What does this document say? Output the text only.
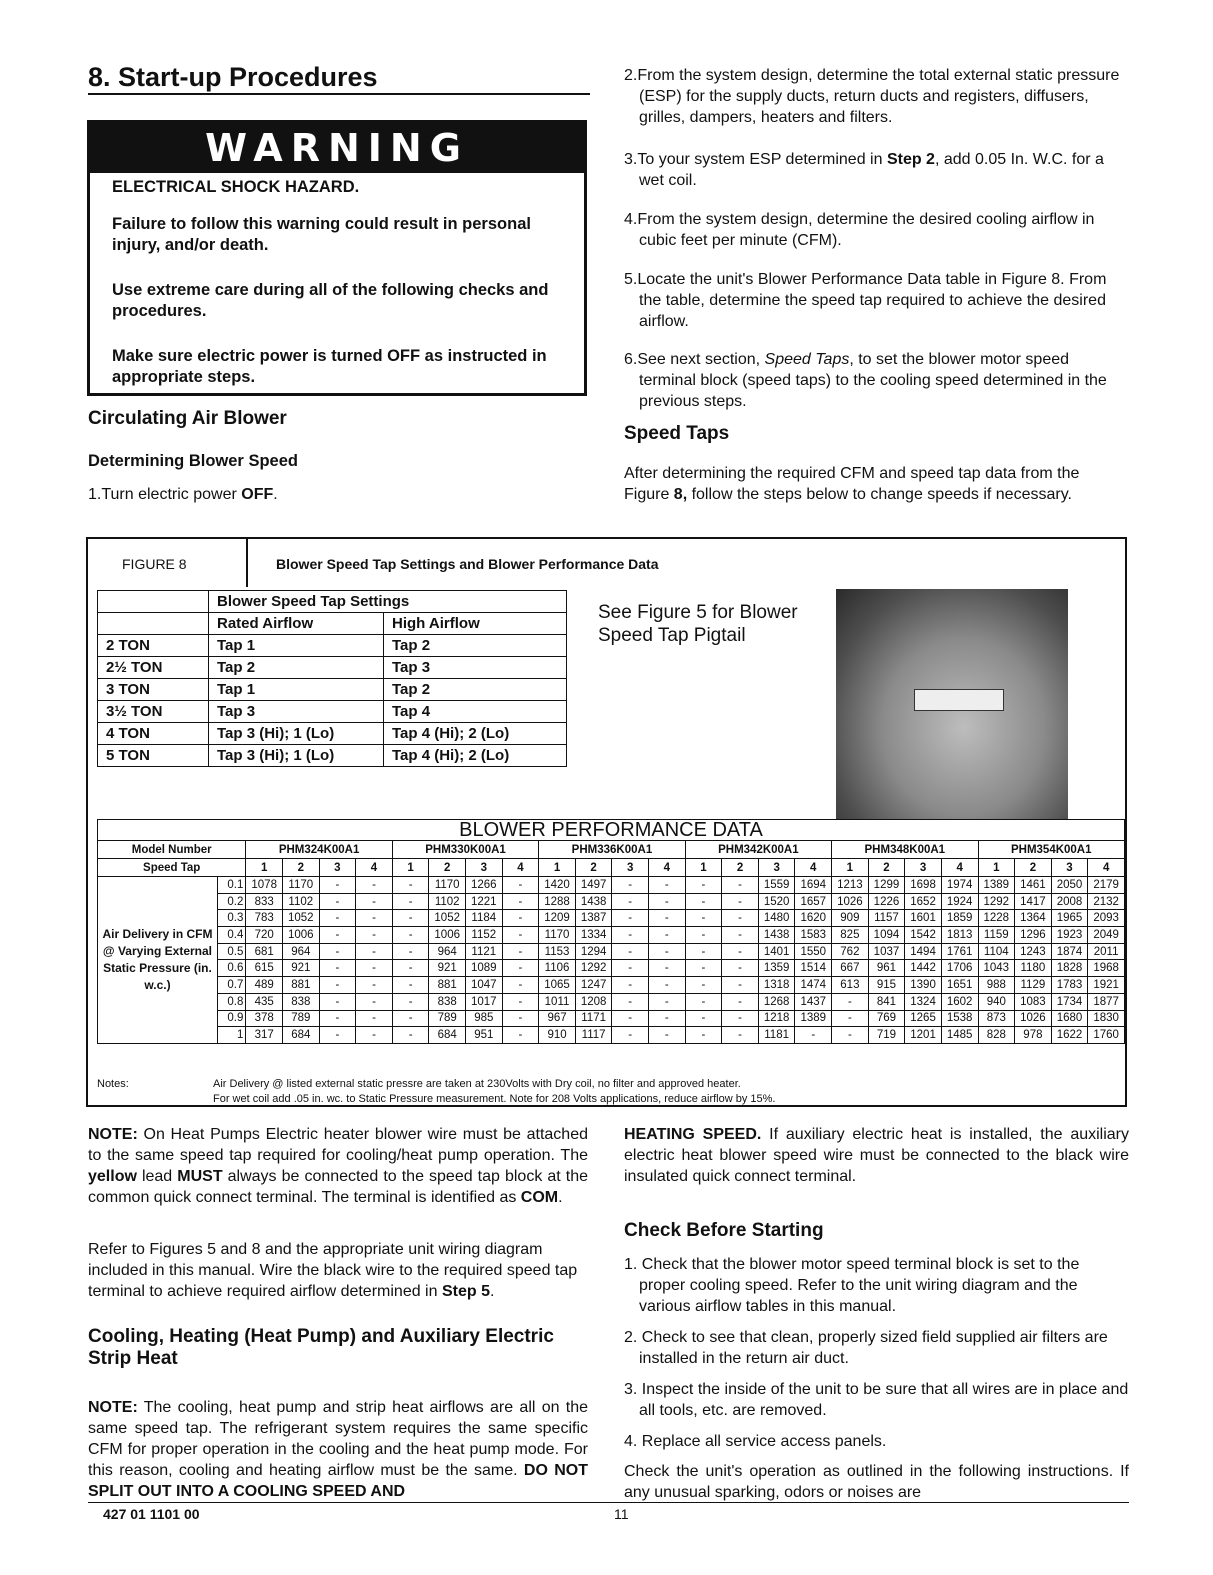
8. Start-up Procedures
WARNING

ELECTRICAL SHOCK HAZARD.

Failure to follow this warning could result in personal injury, and/or death.

Use extreme care during all of the following checks and procedures.

Make sure electric power is turned OFF as instructed in appropriate steps.

Circulating Air Blower
Determining Blower Speed
1.Turn electric power OFF.

2.From the system design, determine the total external static pressure (ESP) for the supply ducts, return ducts and registers, diffusers, grilles, dampers, heaters and filters.

3.To your system ESP determined in Step 2, add 0.05 In. W.C. for a wet coil.

4.From the system design, determine the desired cooling airflow in cubic feet per minute (CFM).

5.Locate the unit's Blower Performance Data table in Figure 8. From the table, determine the speed tap required to achieve the desired airflow.

6.See next section, Speed Taps, to set the blower motor speed terminal block (speed taps) to the cooling speed determined in the previous steps.

Speed Taps
After determining the required CFM and speed tap data from the Figure 8, follow the steps below to change speeds if necessary.
FIGURE 8	Blower Speed Tap Settings and Blower Performance Data
	Blower Speed Tap Settings	
	Rated Airflow	High Airflow
2 TON	Tap 1	Tap 2
2½ TON	Tap 2	Tap 3
3 TON	Tap 1	Tap 2
3½ TON	Tap 3	Tap 4
4 TON	Tap 3 (Hi); 1 (Lo)	Tap 4 (Hi); 2 (Lo)
5 TON	Tap 3 (Hi); 1 (Lo)	Tap 4 (Hi); 2 (Lo)
See Figure 5 for Blower Speed Tap Pigtail
BLOWER PERFORMANCE DATA
Model Number		PHM324K00A1				PHM330K00A1				PHM336K00A1				PHM342K00A1				PHM348K00A1				PHM354K00A1			
Speed Tap		1	2	3	4	1	2	3	4	1	2	3	4	1	2	3	4	1	2	3	4	1	2	3	4
Air Delivery in CFM @ Varying External Static Pressure (in. w.c.)	0.1	1078	1170	-	-	-	1170	1266	-	1420	1497	-	-	-	-	1559	1694	1213	1299	1698	1974	1389	1461	2050	2179
	0.2	833	1102	-	-	-	1102	1221	-	1288	1438	-	-	-	-	1520	1657	1026	1226	1652	1924	1292	1417	2008	2132
	0.3	783	1052	-	-	-	1052	1184	-	1209	1387	-	-	-	-	1480	1620	909	1157	1601	1859	1228	1364	1965	2093
	0.4	720	1006	-	-	-	1006	1152	-	1170	1334	-	-	-	-	1438	1583	825	1094	1542	1813	1159	1296	1923	2049
	0.5	681	964	-	-	-	964	1121	-	1153	1294	-	-	-	-	1401	1550	762	1037	1494	1761	1104	1243	1874	2011
	0.6	615	921	-	-	-	921	1089	-	1106	1292	-	-	-	-	1359	1514	667	961	1442	1706	1043	1180	1828	1968
	0.7	489	881	-	-	-	881	1047	-	1065	1247	-	-	-	-	1318	1474	613	915	1390	1651	988	1129	1783	1921
	0.8	435	838	-	-	-	838	1017	-	1011	1208	-	-	-	-	1268	1437	-	841	1324	1602	940	1083	1734	1877
	0.9	378	789	-	-	-	789	985	-	967	1171	-	-	-	-	1218	1389	-	769	1265	1538	873	1026	1680	1830
	1	317	684	-	-	-	684	951	-	910	1117	-	-	-	-	1181	-	-	719	1201	1485	828	978	1622	1760
Notes:	Air Delivery @ listed external static pressre are taken at 230Volts with Dry coil, no filter and approved heater.
For wet coil add .05 in. wc. to Static Pressure measurement. Note for 208 Volts applications, reduce airflow by 15%.
NOTE: On Heat Pumps Electric heater blower wire must be attached to the same speed tap required for cooling/heat pump operation. The yellow lead MUST always be connected to the speed tap block at the common quick connect terminal. The terminal is identified as COM.
Refer to Figures 5 and 8 and the appropriate unit wiring diagram included in this manual. Wire the black wire to the required speed tap terminal to achieve required airflow determined in Step 5.
Cooling, Heating (Heat Pump) and Auxiliary Electric Strip Heat
NOTE: The cooling, heat pump and strip heat airflows are all on the same speed tap. The refrigerant system requires the same specific CFM for proper operation in the cooling and the heat pump mode. For this reason, cooling and heating airflow must be the same. DO NOT SPLIT OUT INTO A COOLING SPEED AND
HEATING SPEED. If auxiliary electric heat is installed, the auxiliary electric heat blower speed wire must be connected to the black wire insulated quick connect terminal.
Check Before Starting

1. Check that the blower motor speed terminal block is set to the proper cooling speed. Refer to the unit wiring diagram and the various airflow tables in this manual.

2. Check to see that clean, properly sized field supplied air filters are installed in the return air duct.

3. Inspect the inside of the unit to be sure that all wires are in place and all tools, etc. are removed.

4. Replace all service access panels.

Check the unit's operation as outlined in the following instructions. If any unusual sparking, odors or noises are
427 01 1101 00	11
